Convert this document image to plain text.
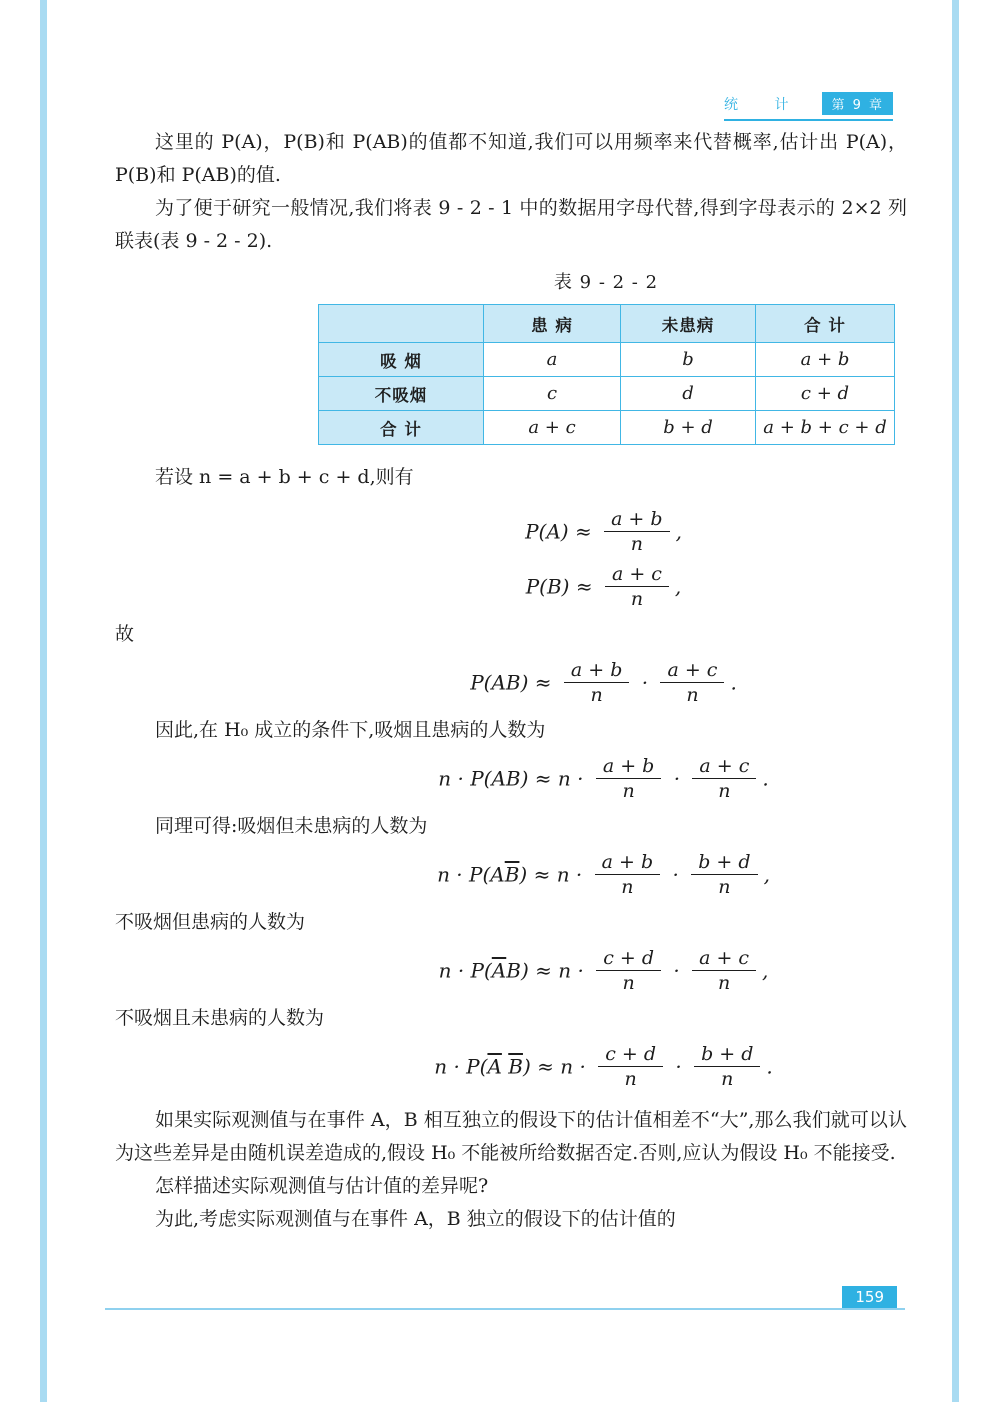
统 计	第 9 章

这里的 P(A)，P(B)和 P(AB)的值都不知道,我们可以用频率来代替概率,估计出 P(A)，P(B)和 P(AB)的值.

为了便于研究一般情况,我们将表 9 - 2 - 1 中的数据用字母代替,得到字母表示的 2×2 列联表(表 9 - 2 - 2).

表 9 - 2 - 2
	患 病	未患病	合 计
吸 烟	a	b	a + b
不吸烟	c	d	c + d
合 计	a + c	b + d	a + b + c + d

若设 n = a + b + c + d,则有

$P(A) \approx \frac{a + b}{n}$ ,
$P(B) \approx \frac{a + c}{n}$ ,

故

$P(AB) \approx \frac{a + b}{n} \cdot \frac{a + c}{n}$ .

因此,在 H₀ 成立的条件下,吸烟且患病的人数为

$n \cdot P(AB) \approx n \cdot \frac{a + b}{n} \cdot \frac{a + c}{n}$ .

同理可得:吸烟但未患病的人数为

$n \cdot P(A\overline{B}) \approx n \cdot \frac{a + b}{n} \cdot \frac{b + d}{n}$ ,

不吸烟但患病的人数为

$n \cdot P(\overline{A}B) \approx n \cdot \frac{c + d}{n} \cdot \frac{a + c}{n}$ ,

不吸烟且未患病的人数为

$n \cdot P(\overline{A}$ $\overline{B}) \approx n \cdot \frac{c + d}{n} \cdot \frac{b + d}{n}$ .

如果实际观测值与在事件 A，B 相互独立的假设下的估计值相差不“大”,那么我们就可以认为这些差异是由随机误差造成的,假设 H₀ 不能被所给数据否定.否则,应认为假设 H₀ 不能接受.

怎样描述实际观测值与估计值的差异呢?

为此,考虑实际观测值与在事件 A，B 独立的假设下的估计值的

159
